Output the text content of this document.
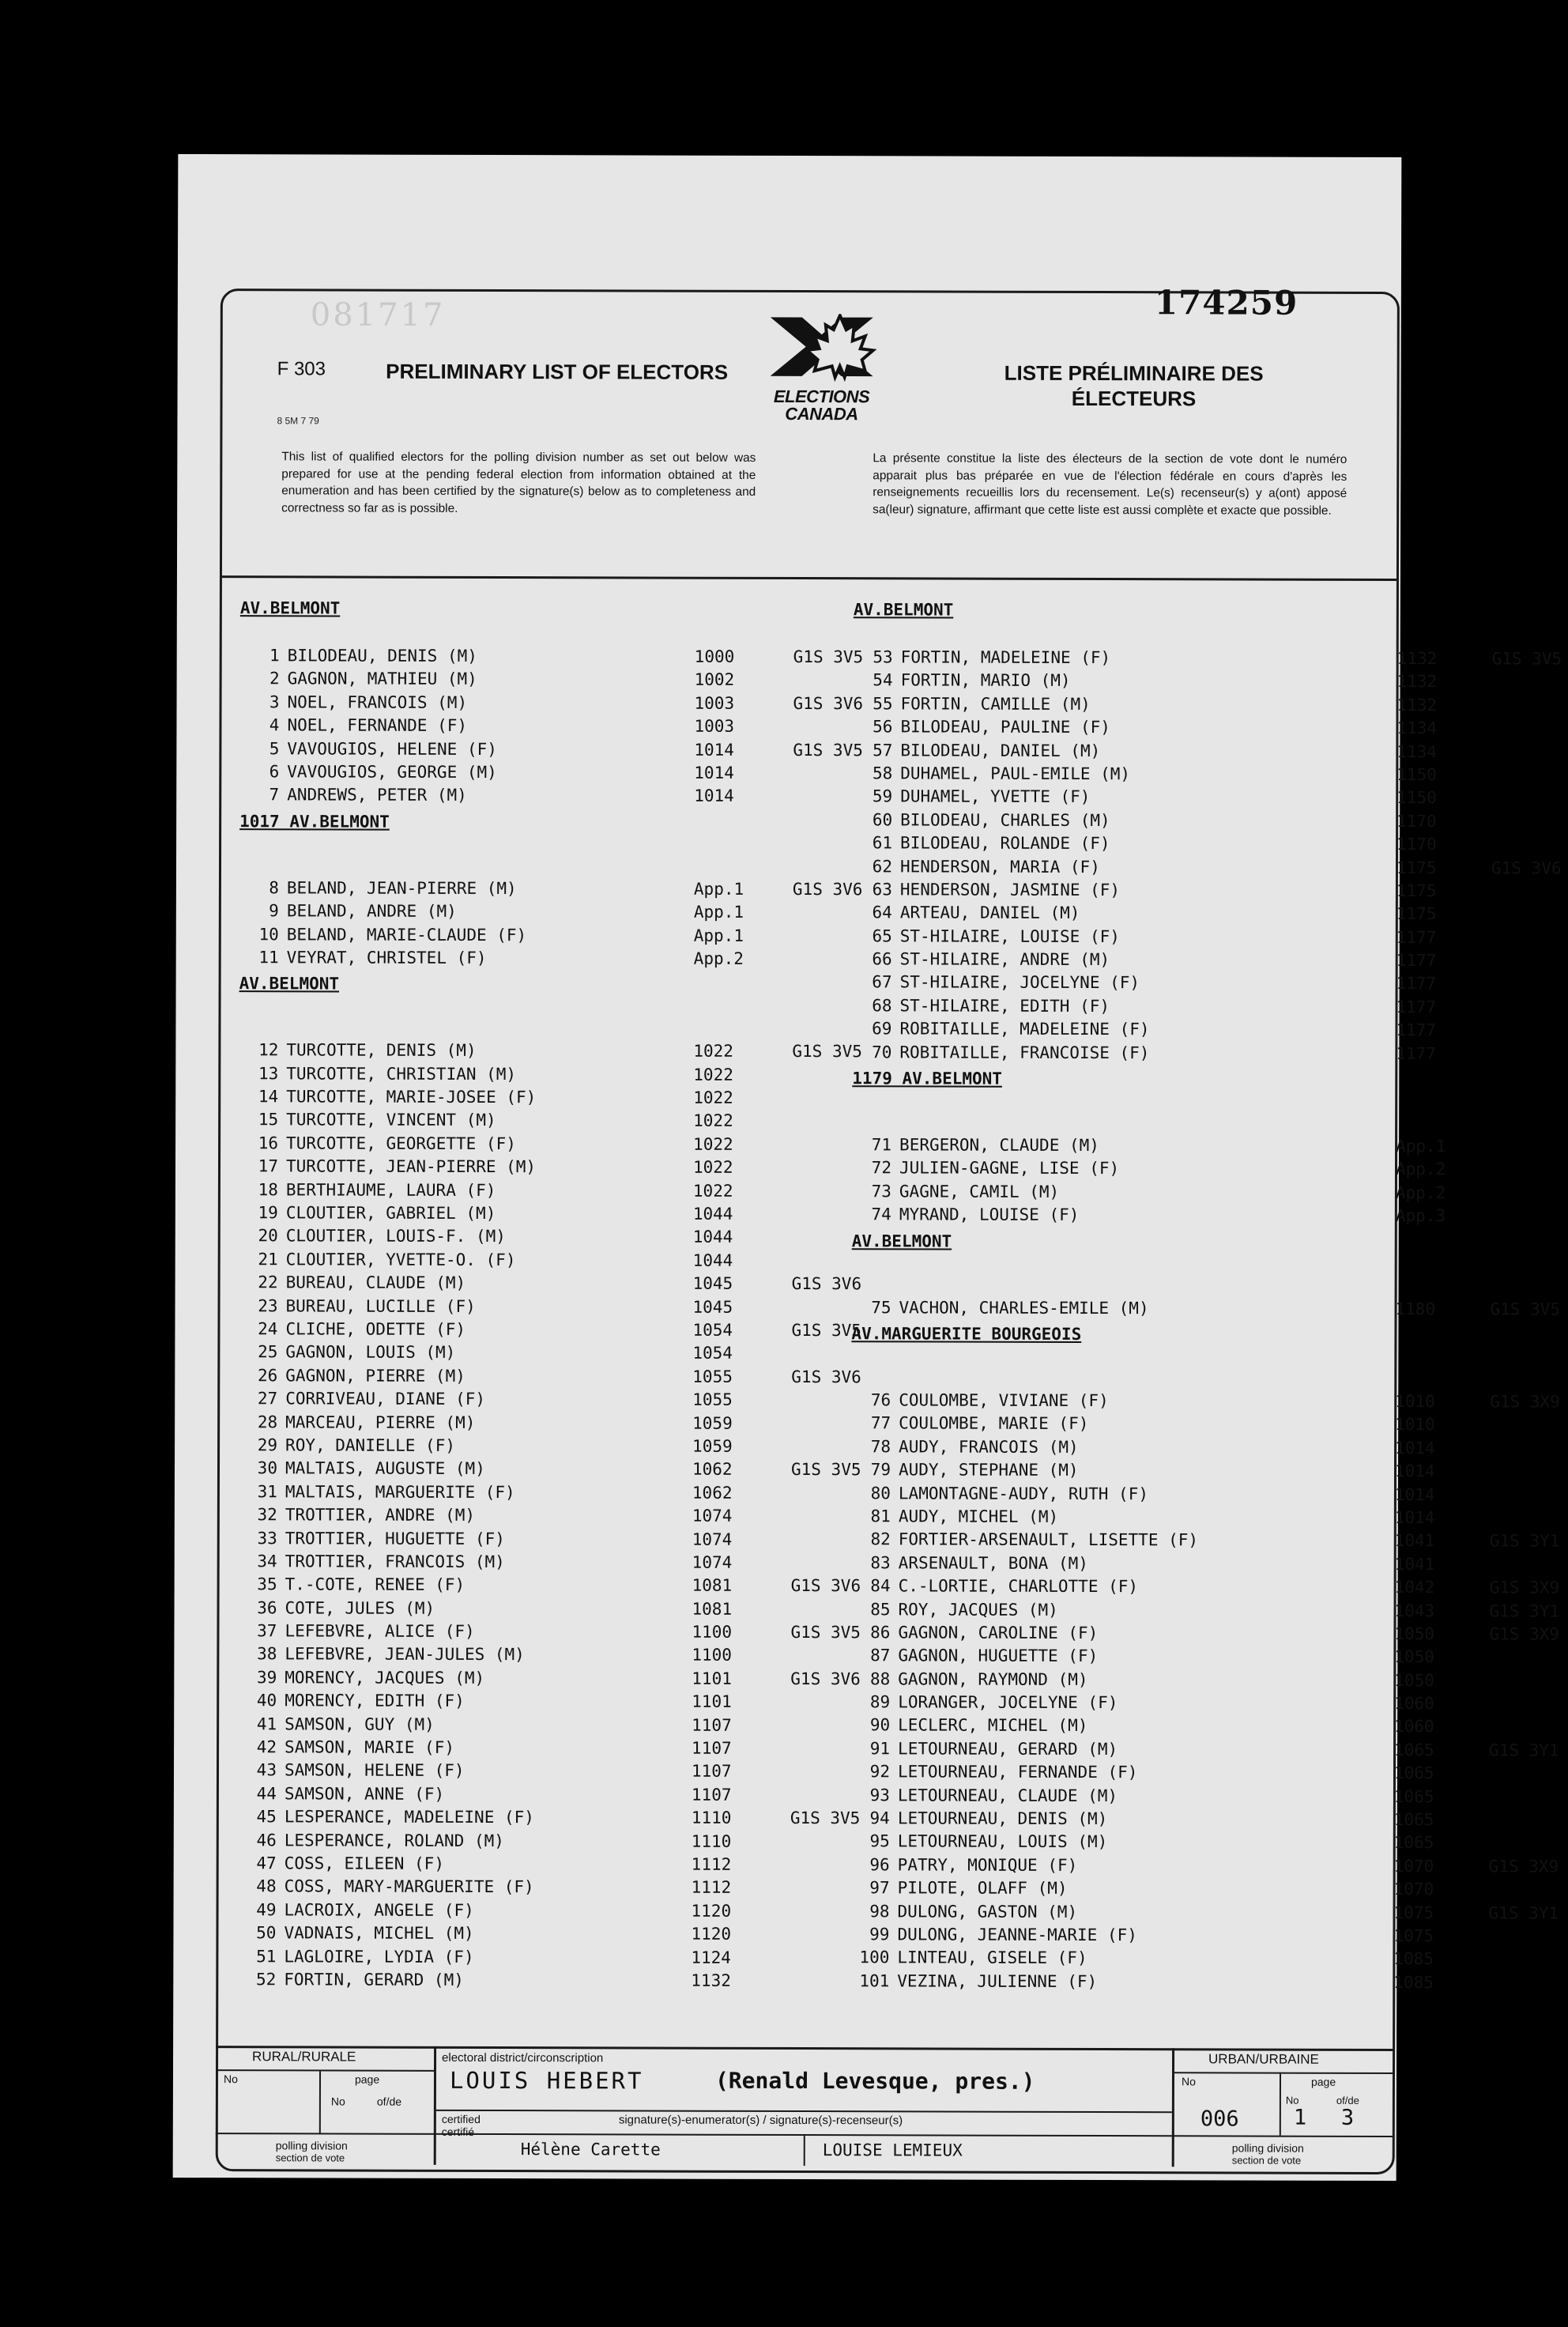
081717	174259
F 303
8 5M 7 79
PRELIMINARY LIST OF ELECTORS	LISTE PRÉLIMINAIRE DES ÉLECTEURS
ELECTIONS CANADA
This list of qualified electors for the polling division number as set out below was prepared for use at the pending federal election from information obtained at the enumeration and has been certified by the signature(s) below as to completeness and correctness so far as is possible.
La présente constitue la liste des électeurs de la section de vote dont le numéro apparait plus bas préparée en vue de l'élection fédérale en cours d'après les renseignements recueillis lors du recensement. Le(s) recenseur(s) y a(ont) apposé sa(leur) signature, affirmant que cette liste est aussi complète et exacte que possible.
AV.BELMONT
1 BILODEAU, DENIS (M)	1000	G1S 3V5
2 GAGNON, MATHIEU (M)	1002
3 NOEL, FRANCOIS (M)	1003	G1S 3V6
4 NOEL, FERNANDE (F)	1003
5 VAVOUGIOS, HELENE (F)	1014	G1S 3V5
6 VAVOUGIOS, GEORGE (M)	1014
7 ANDREWS, PETER (M)	1014
1017 AV.BELMONT
8 BELAND, JEAN-PIERRE (M)	App.1	G1S 3V6
9 BELAND, ANDRE (M)	App.1
10 BELAND, MARIE-CLAUDE (F)	App.1
11 VEYRAT, CHRISTEL (F)	App.2
AV.BELMONT
12 TURCOTTE, DENIS (M)	1022	G1S 3V5
13 TURCOTTE, CHRISTIAN (M)	1022
14 TURCOTTE, MARIE-JOSEE (F)	1022
15 TURCOTTE, VINCENT (M)	1022
16 TURCOTTE, GEORGETTE (F)	1022
17 TURCOTTE, JEAN-PIERRE (M)	1022
18 BERTHIAUME, LAURA (F)	1022
19 CLOUTIER, GABRIEL (M)	1044
20 CLOUTIER, LOUIS-F. (M)	1044
21 CLOUTIER, YVETTE-O. (F)	1044
22 BUREAU, CLAUDE (M)	1045	G1S 3V6
23 BUREAU, LUCILLE (F)	1045
24 CLICHE, ODETTE (F)	1054	G1S 3V5
25 GAGNON, LOUIS (M)	1054
26 GAGNON, PIERRE (M)	1055	G1S 3V6
27 CORRIVEAU, DIANE (F)	1055
28 MARCEAU, PIERRE (M)	1059
29 ROY, DANIELLE (F)	1059
30 MALTAIS, AUGUSTE (M)	1062	G1S 3V5
31 MALTAIS, MARGUERITE (F)	1062
32 TROTTIER, ANDRE (M)	1074
33 TROTTIER, HUGUETTE (F)	1074
34 TROTTIER, FRANCOIS (M)	1074
35 T.-COTE, RENEE (F)	1081	G1S 3V6
36 COTE, JULES (M)	1081
37 LEFEBVRE, ALICE (F)	1100	G1S 3V5
38 LEFEBVRE, JEAN-JULES (M)	1100
39 MORENCY, JACQUES (M)	1101	G1S 3V6
40 MORENCY, EDITH (F)	1101
41 SAMSON, GUY (M)	1107
42 SAMSON, MARIE (F)	1107
43 SAMSON, HELENE (F)	1107
44 SAMSON, ANNE (F)	1107
45 LESPERANCE, MADELEINE (F)	1110	G1S 3V5
46 LESPERANCE, ROLAND (M)	1110
47 COSS, EILEEN (F)	1112
48 COSS, MARY-MARGUERITE (F)	1112
49 LACROIX, ANGELE (F)	1120
50 VADNAIS, MICHEL (M)	1120
51 LAGLOIRE, LYDIA (F)	1124
52 FORTIN, GERARD (M)	1132
AV.BELMONT
53 FORTIN, MADELEINE (F)	1132	G1S 3V5
54 FORTIN, MARIO (M)	1132
55 FORTIN, CAMILLE (M)	1132
56 BILODEAU, PAULINE (F)	1134
57 BILODEAU, DANIEL (M)	1134
58 DUHAMEL, PAUL-EMILE (M)	1150
59 DUHAMEL, YVETTE (F)	1150
60 BILODEAU, CHARLES (M)	1170
61 BILODEAU, ROLANDE (F)	1170
62 HENDERSON, MARIA (F)	1175	G1S 3V6
63 HENDERSON, JASMINE (F)	1175
64 ARTEAU, DANIEL (M)	1175
65 ST-HILAIRE, LOUISE (F)	1177
66 ST-HILAIRE, ANDRE (M)	1177
67 ST-HILAIRE, JOCELYNE (F)	1177
68 ST-HILAIRE, EDITH (F)	1177
69 ROBITAILLE, MADELEINE (F)	1177
70 ROBITAILLE, FRANCOISE (F)	1177
1179 AV.BELMONT
71 BERGERON, CLAUDE (M)	App.1
72 JULIEN-GAGNE, LISE (F)	App.2
73 GAGNE, CAMIL (M)	App.2
74 MYRAND, LOUISE (F)	App.3
AV.BELMONT
75 VACHON, CHARLES-EMILE (M)	1180	G1S 3V5
AV.MARGUERITE BOURGEOIS
76 COULOMBE, VIVIANE (F)	1010	G1S 3X9
77 COULOMBE, MARIE (F)	1010
78 AUDY, FRANCOIS (M)	1014
79 AUDY, STEPHANE (M)	1014
80 LAMONTAGNE-AUDY, RUTH (F)	1014
81 AUDY, MICHEL (M)	1014
82 FORTIER-ARSENAULT, LISETTE (F)	1041	G1S 3Y1
83 ARSENAULT, BONA (M)	1041
84 C.-LORTIE, CHARLOTTE (F)	1042	G1S 3X9
85 ROY, JACQUES (M)	1043	G1S 3Y1
86 GAGNON, CAROLINE (F)	1050	G1S 3X9
87 GAGNON, HUGUETTE (F)	1050
88 GAGNON, RAYMOND (M)	1050
89 LORANGER, JOCELYNE (F)	1060
90 LECLERC, MICHEL (M)	1060
91 LETOURNEAU, GERARD (M)	1065	G1S 3Y1
92 LETOURNEAU, FERNANDE (F)	1065
93 LETOURNEAU, CLAUDE (M)	1065
94 LETOURNEAU, DENIS (M)	1065
95 LETOURNEAU, LOUIS (M)	1065
96 PATRY, MONIQUE (F)	1070	G1S 3X9
97 PILOTE, OLAFF (M)	1070
98 DULONG, GASTON (M)	1075	G1S 3Y1
99 DULONG, JEANNE-MARIE (F)	1075
100 LINTEAU, GISELE (F)	1085
101 VEZINA, JULIENNE (F)	1085
RURAL/RURALE
No	page
No	of/de
polling division
section de vote
electoral district/circonscription
LOUIS HEBERT	(Renald Levesque, pres.)
certified
certifié
signature(s)-enumerator(s) / signature(s)-recenseur(s)
Hélène Carette	LOUISE LEMIEUX
URBAN/URBAINE
No	page
006
No
1
of/de
3
polling division
section de vote
